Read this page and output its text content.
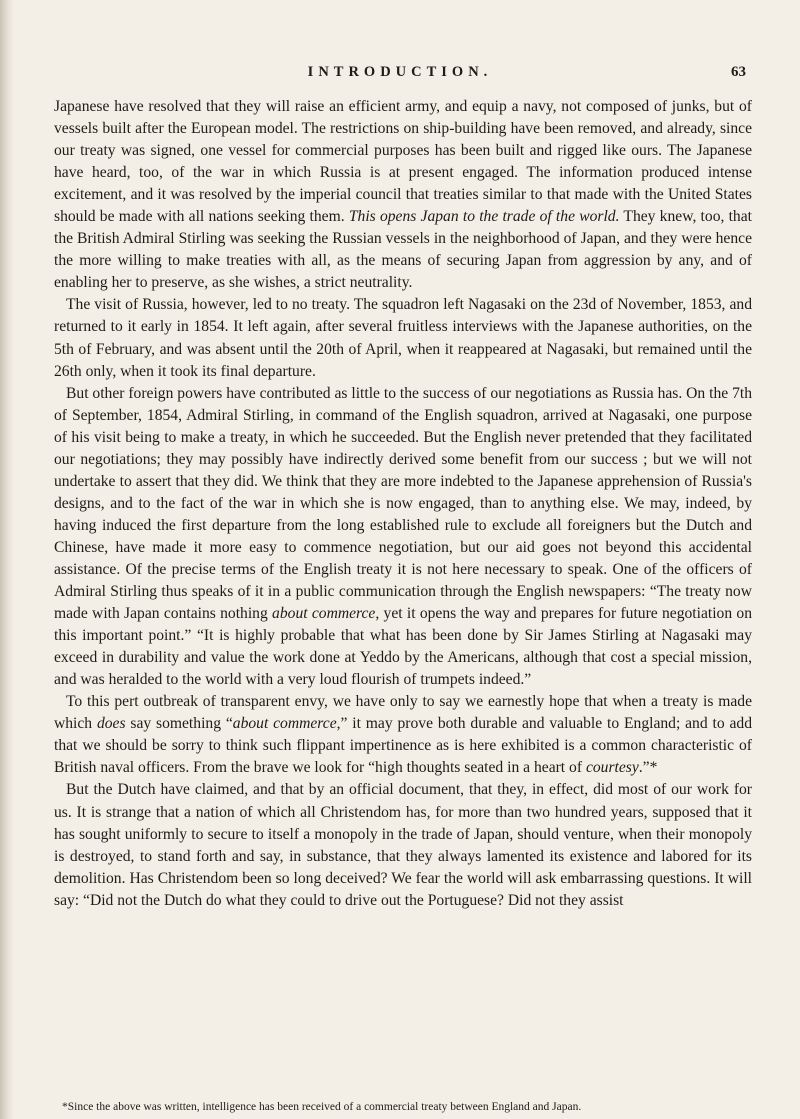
INTRODUCTION.	63

Japanese have resolved that they will raise an efficient army, and equip a navy, not composed of junks, but of vessels built after the European model. The restrictions on ship-building have been removed, and already, since our treaty was signed, one vessel for commercial purposes has been built and rigged like ours. The Japanese have heard, too, of the war in which Russia is at present engaged. The information produced intense excitement, and it was resolved by the imperial council that treaties similar to that made with the United States should be made with all nations seeking them. This opens Japan to the trade of the world. They knew, too, that the British Admiral Stirling was seeking the Russian vessels in the neighborhood of Japan, and they were hence the more willing to make treaties with all, as the means of securing Japan from aggression by any, and of enabling her to preserve, as she wishes, a strict neutrality.

The visit of Russia, however, led to no treaty. The squadron left Nagasaki on the 23d of November, 1853, and returned to it early in 1854. It left again, after several fruitless interviews with the Japanese authorities, on the 5th of February, and was absent until the 20th of April, when it reappeared at Nagasaki, but remained until the 26th only, when it took its final departure.

But other foreign powers have contributed as little to the success of our negotiations as Russia has. On the 7th of September, 1854, Admiral Stirling, in command of the English squadron, arrived at Nagasaki, one purpose of his visit being to make a treaty, in which he succeeded. But the English never pretended that they facilitated our negotiations; they may possibly have indirectly derived some benefit from our success ; but we will not undertake to assert that they did. We think that they are more indebted to the Japanese apprehension of Russia's designs, and to the fact of the war in which she is now engaged, than to anything else. We may, indeed, by having induced the first departure from the long established rule to exclude all foreigners but the Dutch and Chinese, have made it more easy to commence negotiation, but our aid goes not beyond this accidental assistance. Of the precise terms of the English treaty it is not here necessary to speak. One of the officers of Admiral Stirling thus speaks of it in a public communication through the English newspapers: “The treaty now made with Japan contains nothing about commerce, yet it opens the way and prepares for future negotiation on this important point.” “It is highly probable that what has been done by Sir James Stirling at Nagasaki may exceed in durability and value the work done at Yeddo by the Americans, although that cost a special mission, and was heralded to the world with a very loud flourish of trumpets indeed.”

To this pert outbreak of transparent envy, we have only to say we earnestly hope that when a treaty is made which does say something “about commerce,” it may prove both durable and valuable to England; and to add that we should be sorry to think such flippant impertinence as is here exhibited is a common characteristic of British naval officers. From the brave we look for “high thoughts seated in a heart of courtesy.”*

But the Dutch have claimed, and that by an official document, that they, in effect, did most of our work for us. It is strange that a nation of which all Christendom has, for more than two hundred years, supposed that it has sought uniformly to secure to itself a monopoly in the trade of Japan, should venture, when their monopoly is destroyed, to stand forth and say, in substance, that they always lamented its existence and labored for its demolition. Has Christendom been so long deceived? We fear the world will ask embarrassing questions. It will say: “Did not the Dutch do what they could to drive out the Portuguese? Did not they assist

*Since the above was written, intelligence has been received of a commercial treaty between England and Japan.
